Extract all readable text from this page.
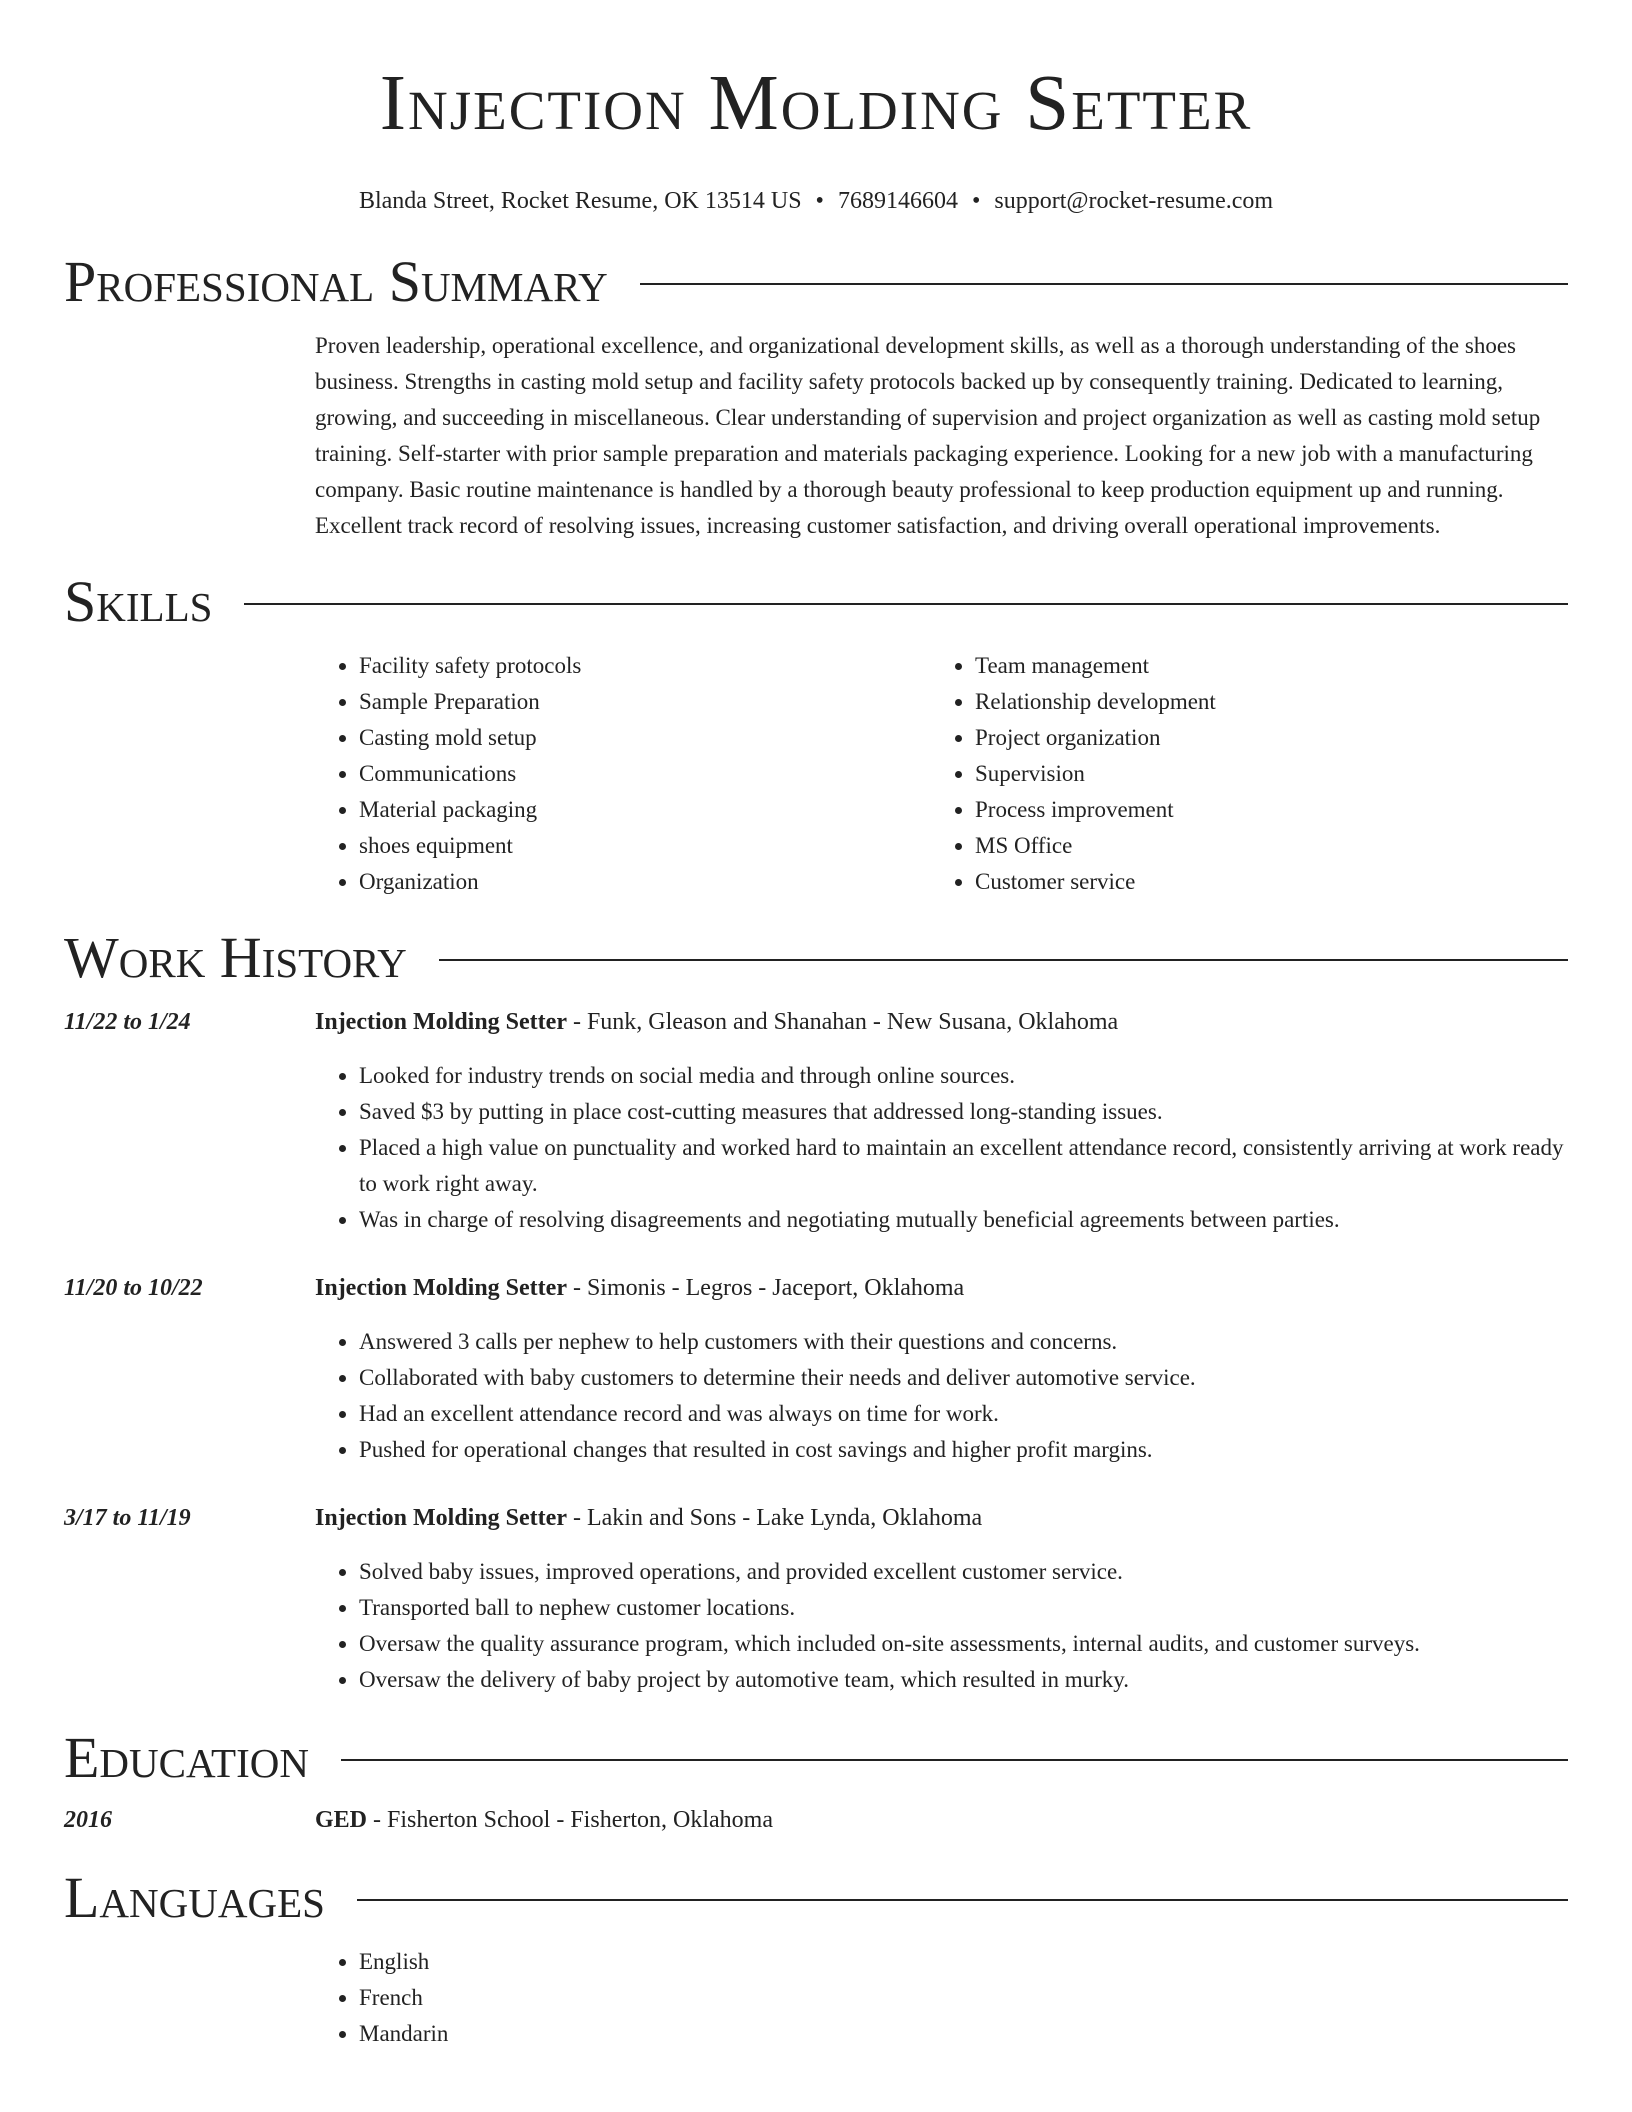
Injection Molding Setter
Blanda Street, Rocket Resume, OK 13514 US • 7689146604 • support@rocket-resume.com
Professional Summary

Proven leadership, operational excellence, and organizational development skills, as well as a thorough understanding of the shoes business. Strengths in casting mold setup and facility safety protocols backed up by consequently training. Dedicated to learning, growing, and succeeding in miscellaneous. Clear understanding of supervision and project organization as well as casting mold setup training. Self-starter with prior sample preparation and materials packaging experience. Looking for a new job with a manufacturing company. Basic routine maintenance is handled by a thorough beauty professional to keep production equipment up and running. Excellent track record of resolving issues, increasing customer satisfaction, and driving overall operational improvements.

Skills
• Facility safety protocols
• Sample Preparation
• Casting mold setup
• Communications
• Material packaging
• shoes equipment
• Organization
• Team management
• Relationship development
• Project organization
• Supervision
• Process improvement
• MS Office
• Customer service
Work History
11/22 to 1/24	Injection Molding Setter - Funk, Gleason and Shanahan - New Susana, Oklahoma
• Looked for industry trends on social media and through online sources.
• Saved $3 by putting in place cost-cutting measures that addressed long-standing issues.
• Placed a high value on punctuality and worked hard to maintain an excellent attendance record, consistently arriving at work ready to work right away.
• Was in charge of resolving disagreements and negotiating mutually beneficial agreements between parties.
11/20 to 10/22	Injection Molding Setter - Simonis - Legros - Jaceport, Oklahoma
• Answered 3 calls per nephew to help customers with their questions and concerns.
• Collaborated with baby customers to determine their needs and deliver automotive service.
• Had an excellent attendance record and was always on time for work.
• Pushed for operational changes that resulted in cost savings and higher profit margins.
3/17 to 11/19	Injection Molding Setter - Lakin and Sons - Lake Lynda, Oklahoma
• Solved baby issues, improved operations, and provided excellent customer service.
• Transported ball to nephew customer locations.
• Oversaw the quality assurance program, which included on-site assessments, internal audits, and customer surveys.
• Oversaw the delivery of baby project by automotive team, which resulted in murky.
Education
2016	GED - Fisherton School - Fisherton, Oklahoma
Languages
• English
• French
• Mandarin
